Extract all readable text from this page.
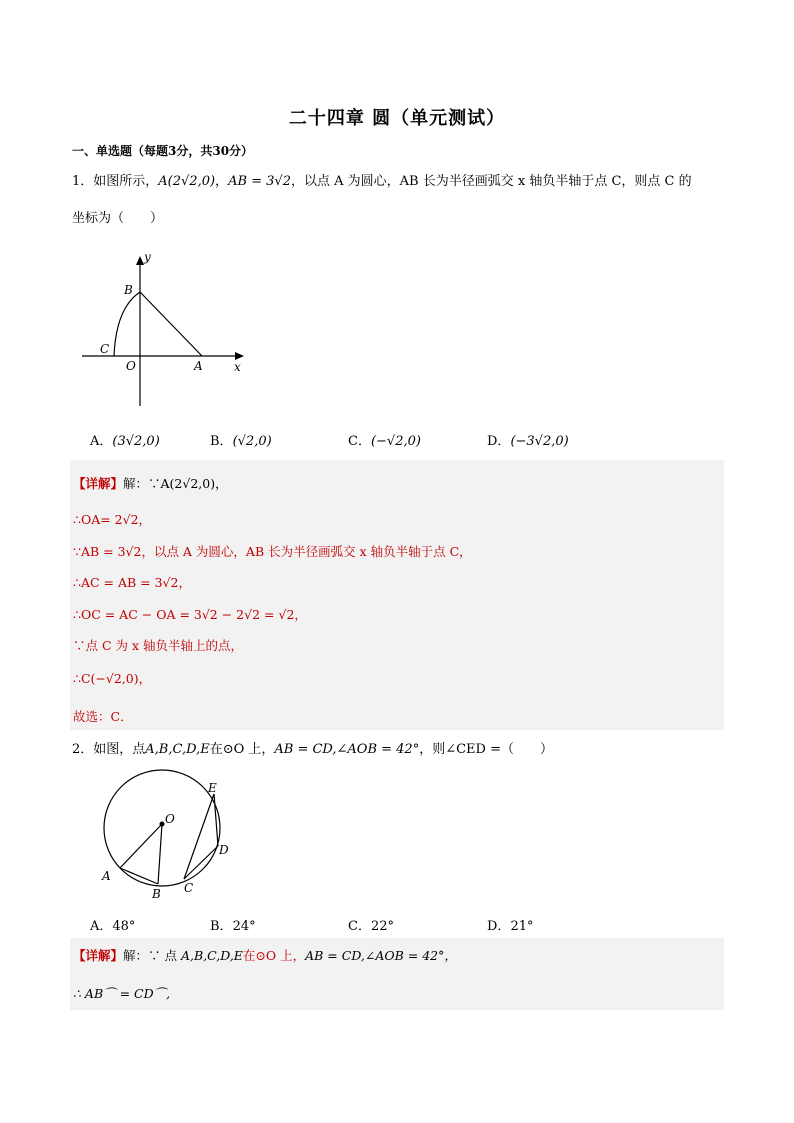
二十四章 圆（单元测试）
一、单选题（每题3分，共30分）
1．如图所示，A(2√2,0)，AB = 3√2，以点 A 为圆心，AB 长为半径画弧交 x 轴负半轴于点 C，则点 C 的
坐标为（　　）
y
B
C
O	A	x
A．(3√2,0)	B．(√2,0)	C．(−√2,0)	D．(−3√2,0)
【详解】解：∵A(2√2,0)，
∴OA= 2√2，
∵AB = 3√2，以点 A 为圆心，AB 长为半径画弧交 x 轴负半轴于点 C，
∴AC = AB = 3√2，
∴OC = AC − OA = 3√2 − 2√2 = √2，
∵点 C 为 x 轴负半轴上的点，
∴C(−√2,0)，
故选：C．
2．如图，点A,B,C,D,E在⊙O 上，AB = CD,∠AOB = 42°，则∠CED =（　　）
E
O
D
A
B C
A．48°	B．24°	C．22°	D．21°
【详解】解：∵ 点 A,B,C,D,E在⊙O 上，AB = CD,∠AOB = 42°，
∴ AB⌒ = CD⌒,
